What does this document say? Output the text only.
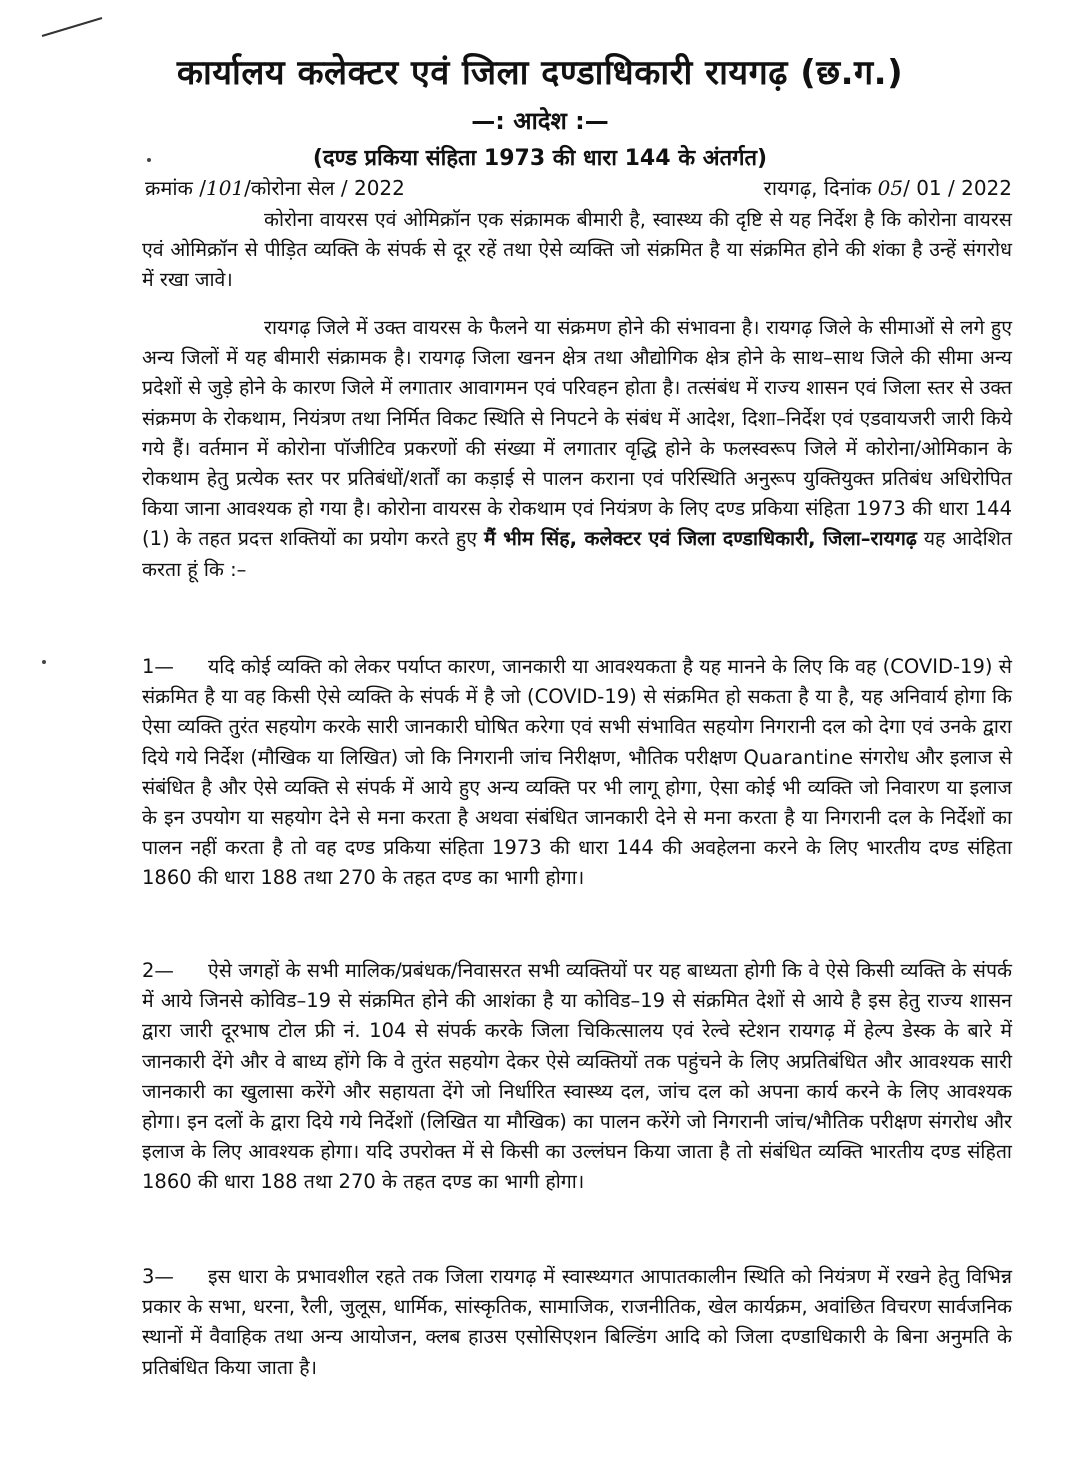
कार्यालय कलेक्टर एवं जिला दण्डाधिकारी रायगढ़ (छ.ग.)
—: आदेश :—
(दण्ड प्रकिया संहिता 1973 की धारा 144 के अंतर्गत)
क्रमांक /101/कोरोना सेल / 2022	रायगढ़, दिनांक 05/ 01 / 2022

कोरोना वायरस एवं ओमिक्रॉन एक संक्रामक बीमारी है, स्वास्थ्य की दृष्टि से यह निर्देश है कि कोरोना वायरस एवं ओमिक्रॉन से पीड़ित व्यक्ति के संपर्क से दूर रहें तथा ऐसे व्यक्ति जो संक्रमित है या संक्रमित होने की शंका है उन्हें संगरोध में रखा जावे।

रायगढ़ जिले में उक्त वायरस के फैलने या संक्रमण होने की संभावना है। रायगढ़ जिले के सीमाओं से लगे हुए अन्य जिलों में यह बीमारी संक्रामक है। रायगढ़ जिला खनन क्षेत्र तथा औद्योगिक क्षेत्र होने के साथ–साथ जिले की सीमा अन्य प्रदेशों से जुड़े होने के कारण जिले में लगातार आवागमन एवं परिवहन होता है। तत्संबंध में राज्य शासन एवं जिला स्तर से उक्त संक्रमण के रोकथाम, नियंत्रण तथा निर्मित विकट स्थिति से निपटने के संबंध में आदेश, दिशा–निर्देश एवं एडवायजरी जारी किये गये हैं। वर्तमान में कोरोना पॉजीटिव प्रकरणों की संख्या में लगातार वृद्धि होने के फलस्वरूप जिले में कोरोना/ओमिकान के रोकथाम हेतु प्रत्येक स्तर पर प्रतिबंधों/शर्तों का कड़ाई से पालन कराना एवं परिस्थिति अनुरूप युक्तियुक्त प्रतिबंध अधिरोपित किया जाना आवश्यक हो गया है। कोरोना वायरस के रोकथाम एवं नियंत्रण के लिए दण्ड प्रकिया संहिता 1973 की धारा 144 (1) के तहत प्रदत्त शक्तियों का प्रयोग करते हुए मैं भीम सिंह, कलेक्टर एवं जिला दण्डाधिकारी, जिला–रायगढ़ यह आदेशित करता हूं कि :–

1— यदि कोई व्यक्ति को लेकर पर्याप्त कारण, जानकारी या आवश्यकता है यह मानने के लिए कि वह (COVID-19) से संक्रमित है या वह किसी ऐसे व्यक्ति के संपर्क में है जो (COVID-19) से संक्रमित हो सकता है या है, यह अनिवार्य होगा कि ऐसा व्यक्ति तुरंत सहयोग करके सारी जानकारी घोषित करेगा एवं सभी संभावित सहयोग निगरानी दल को देगा एवं उनके द्वारा दिये गये निर्देश (मौखिक या लिखित) जो कि निगरानी जांच निरीक्षण, भौतिक परीक्षण Quarantine संगरोध और इलाज से संबंधित है और ऐसे व्यक्ति से संपर्क में आये हुए अन्य व्यक्ति पर भी लागू होगा, ऐसा कोई भी व्यक्ति जो निवारण या इलाज के इन उपयोग या सहयोग देने से मना करता है अथवा संबंधित जानकारी देने से मना करता है या निगरानी दल के निर्देशों का पालन नहीं करता है तो वह दण्ड प्रकिया संहिता 1973 की धारा 144 की अवहेलना करने के लिए भारतीय दण्ड संहिता 1860 की धारा 188 तथा 270 के तहत दण्ड का भागी होगा।

2— ऐसे जगहों के सभी मालिक/प्रबंधक/निवासरत सभी व्यक्तियों पर यह बाध्यता होगी कि वे ऐसे किसी व्यक्ति के संपर्क में आये जिनसे कोविड–19 से संक्रमित होने की आशंका है या कोविड–19 से संक्रमित देशों से आये है इस हेतु राज्य शासन द्वारा जारी दूरभाष टोल फ्री नं. 104 से संपर्क करके जिला चिकित्सालय एवं रेल्वे स्टेशन रायगढ़ में हेल्प डेस्क के बारे में जानकारी देंगे और वे बाध्य होंगे कि वे तुरंत सहयोग देकर ऐसे व्यक्तियों तक पहुंचने के लिए अप्रतिबंधित और आवश्यक सारी जानकारी का खुलासा करेंगे और सहायता देंगे जो निर्धारित स्वास्थ्य दल, जांच दल को अपना कार्य करने के लिए आवश्यक होगा। इन दलों के द्वारा दिये गये निर्देशों (लिखित या मौखिक) का पालन करेंगे जो निगरानी जांच/भौतिक परीक्षण संगरोध और इलाज के लिए आवश्यक होगा। यदि उपरोक्त में से किसी का उल्लंघन किया जाता है तो संबंधित व्यक्ति भारतीय दण्ड संहिता 1860 की धारा 188 तथा 270 के तहत दण्ड का भागी होगा।

3— इस धारा के प्रभावशील रहते तक जिला रायगढ़ में स्वास्थ्यगत आपातकालीन स्थिति को नियंत्रण में रखने हेतु विभिन्न प्रकार के सभा, धरना, रैली, जुलूस, धार्मिक, सांस्कृतिक, सामाजिक, राजनीतिक, खेल कार्यक्रम, अवांछित विचरण सार्वजनिक स्थानों में वैवाहिक तथा अन्य आयोजन, क्लब हाउस एसोसिएशन बिल्डिंग आदि को जिला दण्डाधिकारी के बिना अनुमति के प्रतिबंधित किया जाता है।
